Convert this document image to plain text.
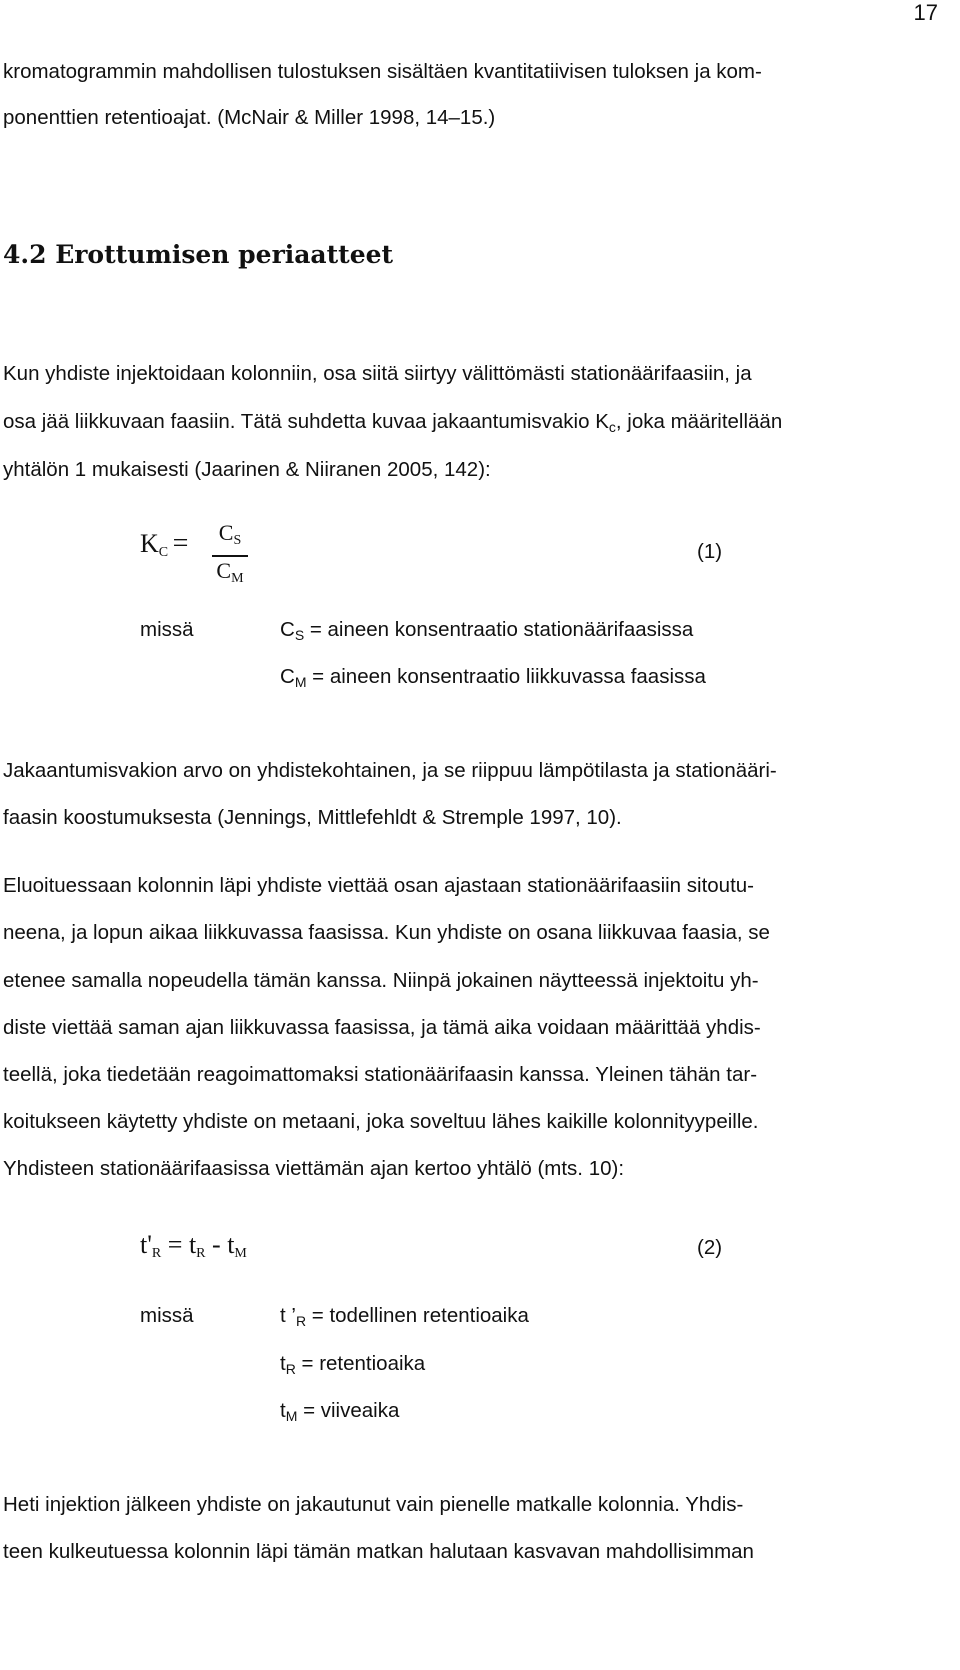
17
kromatogrammin mahdollisen tulostuksen sisältäen kvantitatiivisen tuloksen ja kom-
ponenttien retentioajat. (McNair & Miller 1998, 14–15.)
4.2 Erottumisen periaatteet
Kun yhdiste injektoidaan kolonniin, osa siitä siirtyy välittömästi stationäärifaasiin, ja
osa jää liikkuvaan faasiin. Tätä suhdetta kuvaa jakaantumisvakio $K_c$, joka määritellään
yhtälön 1 mukaisesti (Jaarinen & Niiranen 2005, 142):
$K_C = C_S$
$C_M$
(1)
missä	$C_S$ = aineen konsentraatio stationäärifaasissa
$C_M$ = aineen konsentraatio liikkuvassa faasissa
Jakaantumisvakion arvo on yhdistekohtainen, ja se riippuu lämpötilasta ja stationääri-
faasin koostumuksesta (Jennings, Mittlefehldt & Stremple 1997, 10).
Eluoituessaan kolonnin läpi yhdiste viettää osan ajastaan stationäärifaasiin sitoutu-
neena, ja lopun aikaa liikkuvassa faasissa. Kun yhdiste on osana liikkuvaa faasia, se
etenee samalla nopeudella tämän kanssa. Niinpä jokainen näytteessä injektoitu yh-
diste viettää saman ajan liikkuvassa faasissa, ja tämä aika voidaan määrittää yhdis-
teellä, joka tiedetään reagoimattomaksi stationäärifaasin kanssa. Yleinen tähän tar-
koitukseen käytetty yhdiste on metaani, joka soveltuu lähes kaikille kolonnityypeille.
Yhdisteen stationäärifaasissa viettämän ajan kertoo yhtälö (mts. 10):
$t'_R = t_R - t_M$	(2)
missä	t $’_R$ = todellinen retentioaika
$t_R$ = retentioaika
$t_M$ = viiveaika
Heti injektion jälkeen yhdiste on jakautunut vain pienelle matkalle kolonnia. Yhdis-
teen kulkeutuessa kolonnin läpi tämän matkan halutaan kasvavan mahdollisimman
